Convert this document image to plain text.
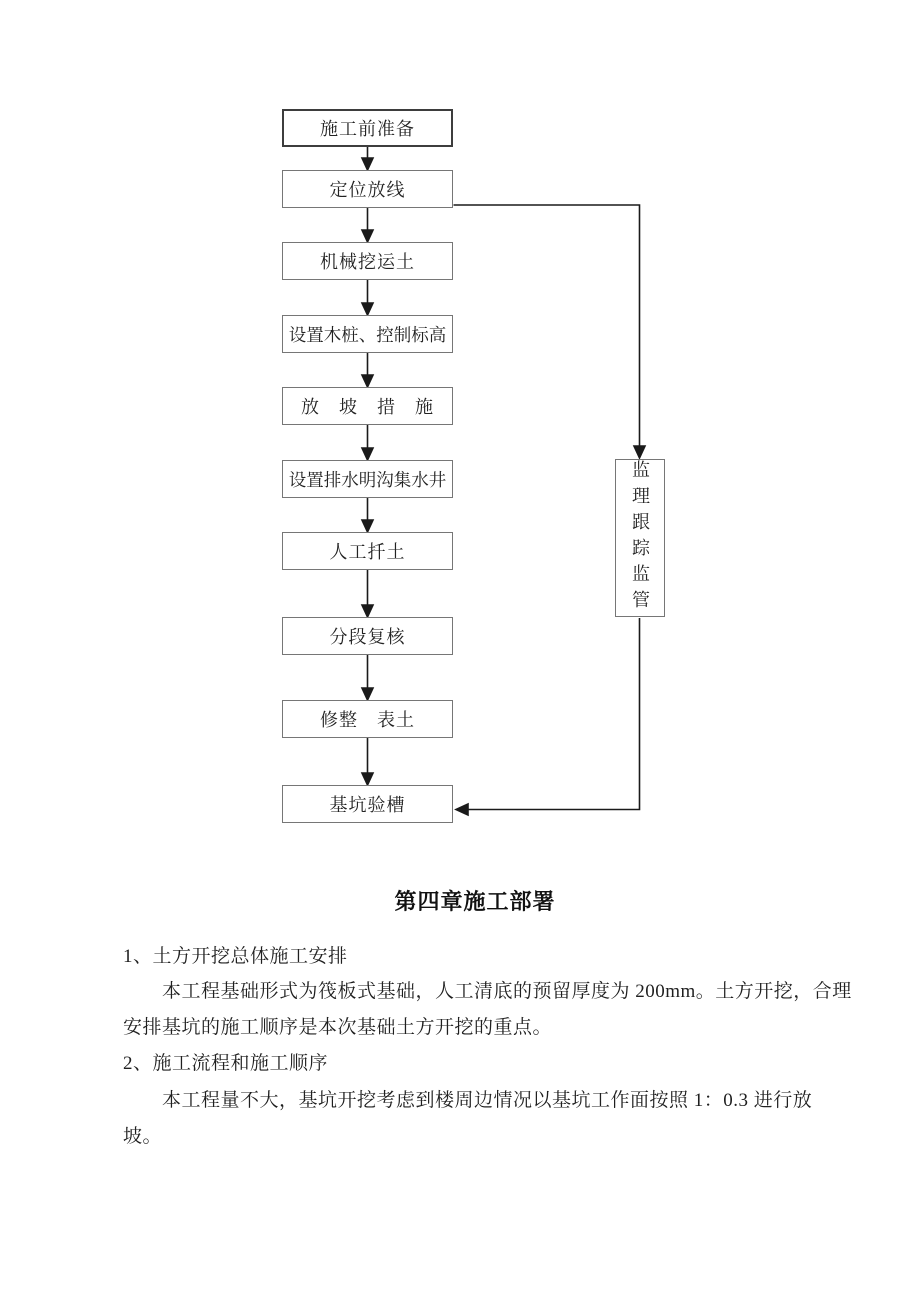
施工前准备
定位放线
机械挖运土
设置木桩、控制标高
放　坡　措　施
设置排水明沟集水井
人工扦土
分段复核
修整　表土
基坑验槽
监理跟踪监管
第四章施工部署
1、土方开挖总体施工安排
本工程基础形式为筏板式基础，人工清底的预留厚度为 200mm。土方开挖，合理
安排基坑的施工顺序是本次基础土方开挖的重点。
2、施工流程和施工顺序
本工程量不大，基坑开挖考虑到楼周边情况以基坑工作面按照 1：0.3 进行放
坡。
